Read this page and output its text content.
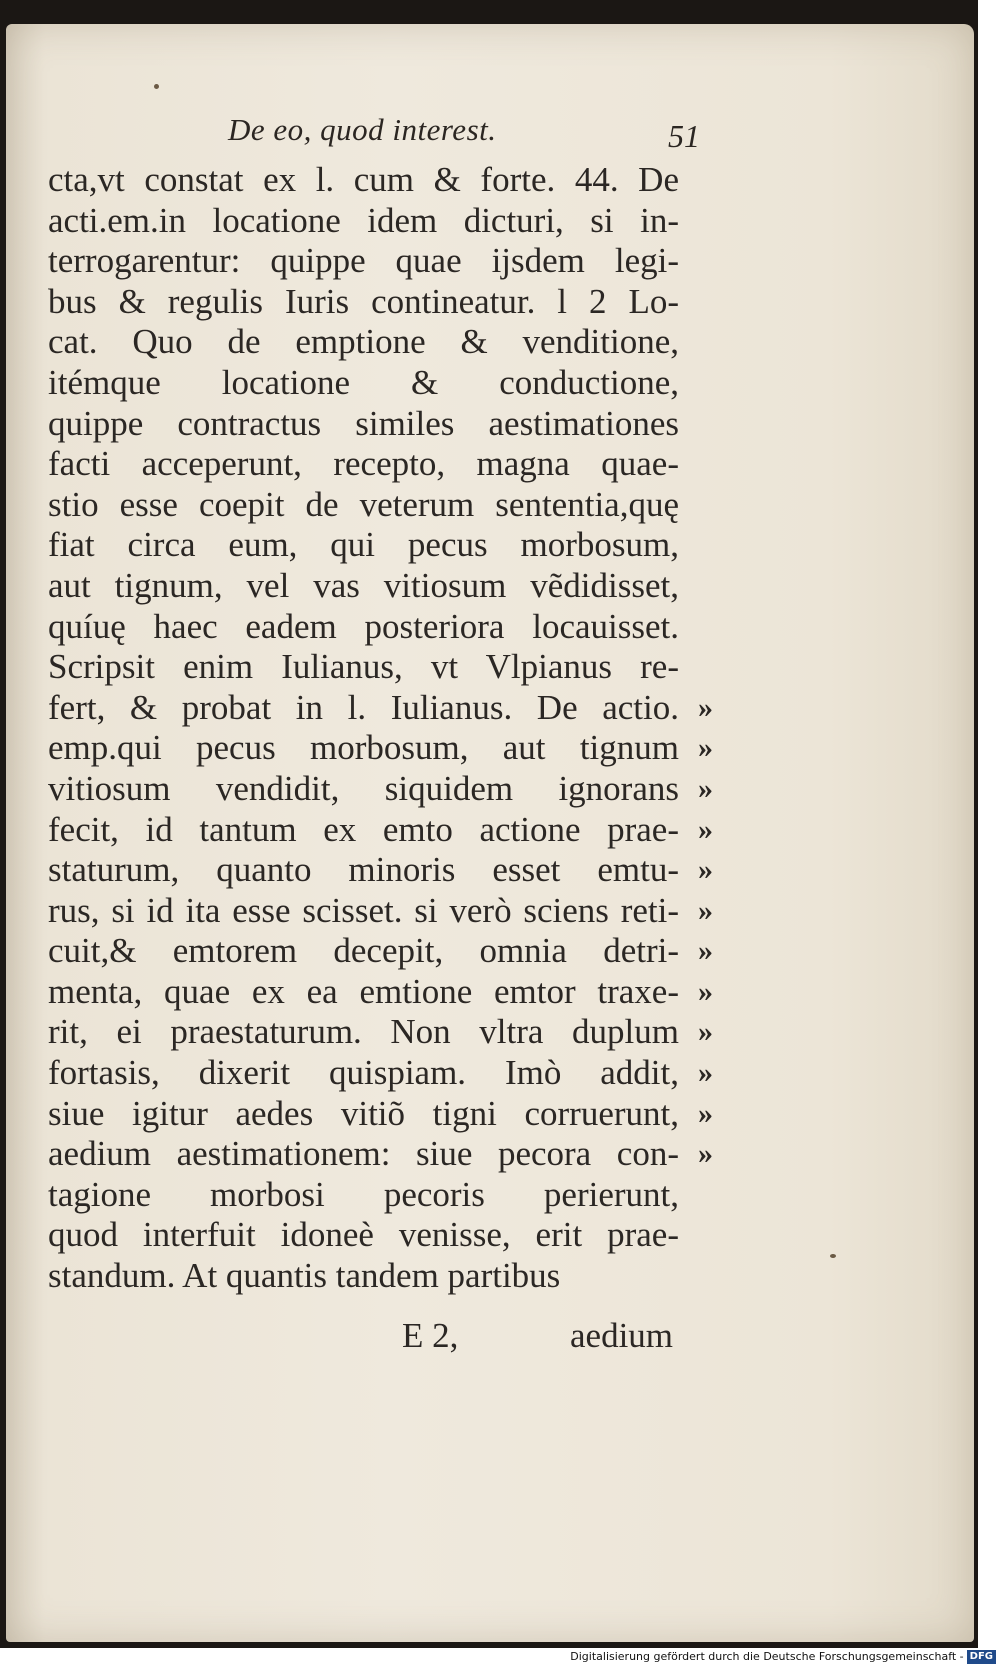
De eo, quod interest.	51
cta,vt constat ex l. cum & forte. 44. De
acti.em.in locatione idem dicturi, si in-
terrogarentur: quippe quae ijsdem legi-
bus & regulis Iuris contineatur. l 2 Lo-
cat. Quo de emptione & venditione,
itémque locatione & conductione,
quippe contractus similes aestimationes
facti acceperunt, recepto, magna quae-
stio esse coepit de veterum sententia,quę
fiat circa eum, qui pecus morbosum,
aut tignum, vel vas vitiosum vẽdidisset,
quíuę haec eadem posteriora locauisset.
Scripsit enim Iulianus, vt Vlpianus re-
fert, & probat in l. Iulianus. De actio. »
emp.qui pecus morbosum, aut tignum »
vitiosum vendidit, siquidem ignorans »
fecit, id tantum ex emto actione prae- »
staturum, quanto minoris esset emtu- »
rus, si id ita esse scisset. si verò sciens reti- »
cuit,& emtorem decepit, omnia detri- »
menta, quae ex ea emtione emtor traxe- »
rit, ei praestaturum. Non vltra duplum »
fortasis, dixerit quispiam. Imò addit, »
siue igitur aedes vitiõ tigni corruerunt, »
aedium aestimationem: siue pecora con- »
tagione morbosi pecoris perierunt,
quod interfuit idoneè venisse, erit prae-
standum. At quantis tandem partibus
E 2,	aedium
Digitalisierung gefördert durch die Deutsche Forschungsgemeinschaft - DFG
